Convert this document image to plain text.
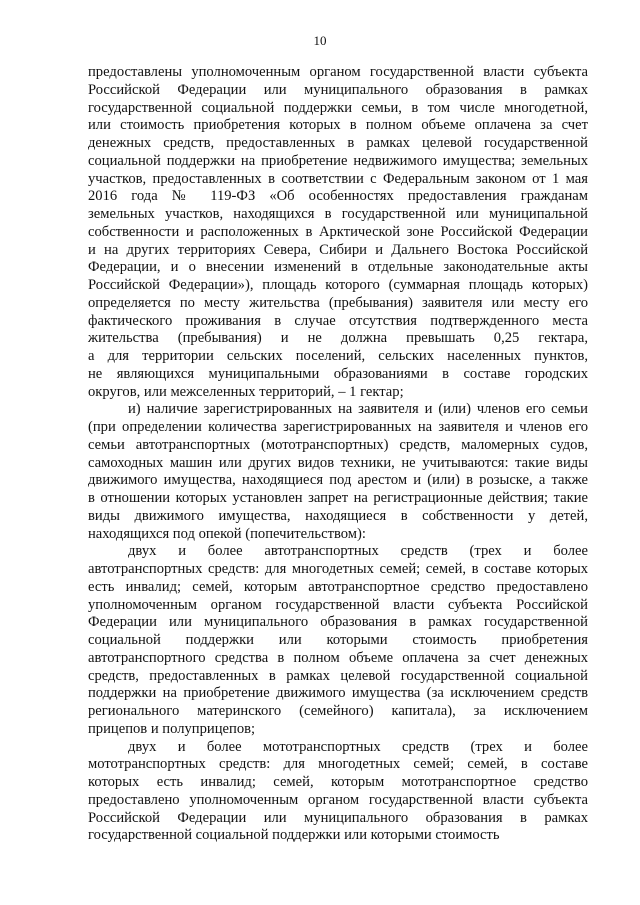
10
предоставлены уполномоченным органом государственной власти субъекта
Российской Федерации или муниципального образования в рамках
государственной социальной поддержки семьи, в том числе многодетной,
или стоимость приобретения которых в полном объеме оплачена за счет
денежных средств, предоставленных в рамках целевой государственной
социальной поддержки на приобретение недвижимого имущества; земельных
участков, предоставленных в соответствии с Федеральным законом от 1 мая
2016 года № 119-ФЗ «Об особенностях предоставления гражданам
земельных участков, находящихся в государственной или муниципальной
собственности и расположенных в Арктической зоне Российской Федерации
и на других территориях Севера, Сибири и Дальнего Востока Российской
Федерации, и о внесении изменений в отдельные законодательные акты
Российской Федерации»), площадь которого (суммарная площадь которых)
определяется по месту жительства (пребывания) заявителя или месту его
фактического проживания в случае отсутствия подтвержденного места
жительства (пребывания) и не должна превышать 0,25 гектара,
а для территории сельских поселений, сельских населенных пунктов,
не являющихся муниципальными образованиями в составе городских
округов, или межселенных территорий, – 1 гектар;
и) наличие зарегистрированных на заявителя и (или) членов его семьи
(при определении количества зарегистрированных на заявителя и членов его
семьи автотранспортных (мототранспортных) средств, маломерных судов,
самоходных машин или других видов техники, не учитываются: такие виды
движимого имущества, находящиеся под арестом и (или) в розыске, а также
в отношении которых установлен запрет на регистрационные действия; такие
виды движимого имущества, находящиеся в собственности у детей,
находящихся под опекой (попечительством):
двух и более автотранспортных средств (трех и более
автотранспортных средств: для многодетных семей; семей, в составе которых
есть инвалид; семей, которым автотранспортное средство предоставлено
уполномоченным органом государственной власти субъекта Российской
Федерации или муниципального образования в рамках государственной
социальной поддержки или которыми стоимость приобретения
автотранспортного средства в полном объеме оплачена за счет денежных
средств, предоставленных в рамках целевой государственной социальной
поддержки на приобретение движимого имущества (за исключением средств
регионального материнского (семейного) капитала), за исключением
прицепов и полуприцепов;
двух и более мототранспортных средств (трех и более
мототранспортных средств: для многодетных семей; семей, в составе
которых есть инвалид; семей, которым мототранспортное средство
предоставлено уполномоченным органом государственной власти субъекта
Российской Федерации или муниципального образования в рамках
государственной социальной поддержки или которыми стоимость
